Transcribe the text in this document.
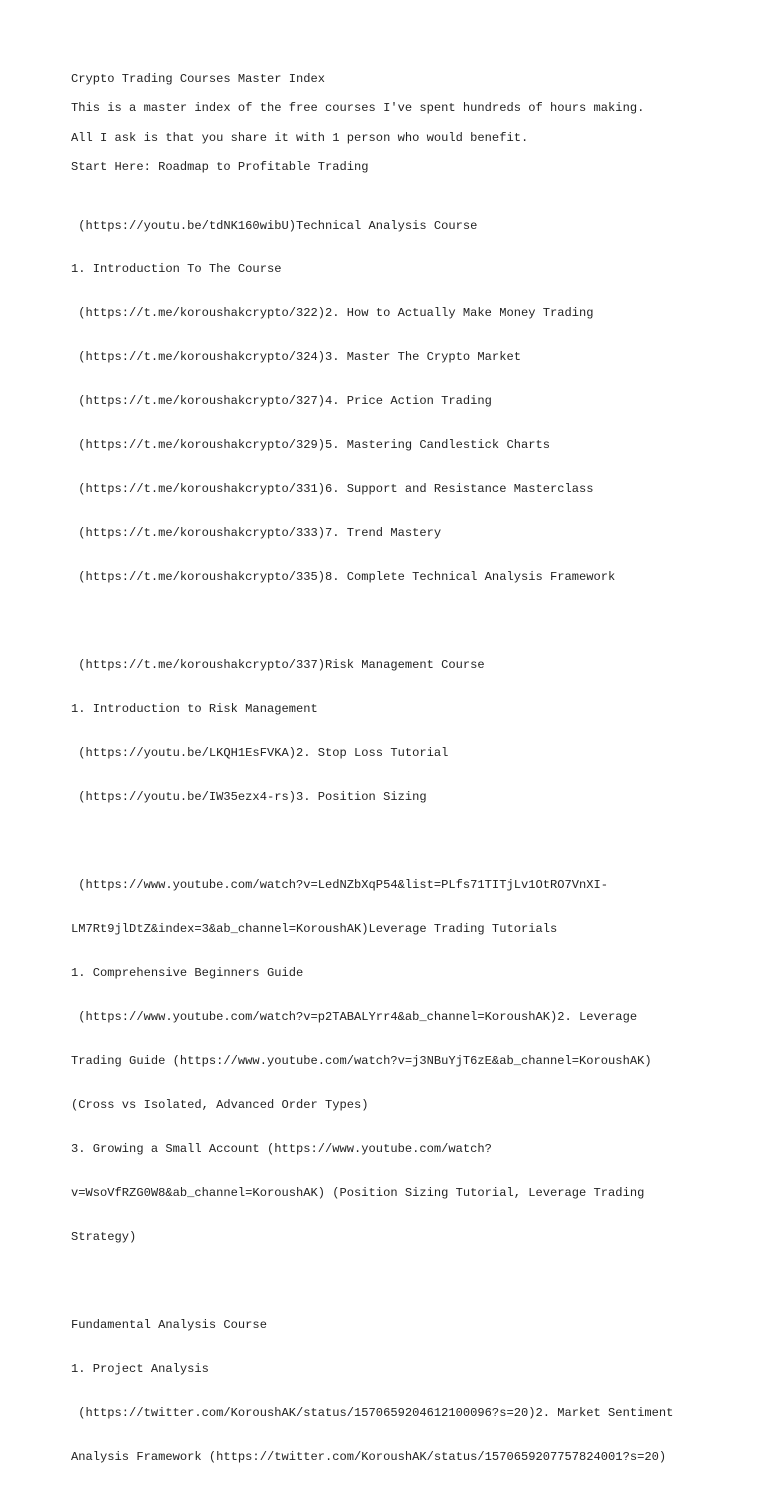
Crypto Trading Courses Master Index

This is a master index of the free courses I've spent hundreds of hours making.

All I ask is that you share it with 1 person who would benefit.

Start Here: Roadmap to Profitable Trading

(https://youtu.be/tdNK160wibU)Technical Analysis Course

1. Introduction To The Course

(https://t.me/koroushakcrypto/322)2. How to Actually Make Money Trading

(https://t.me/koroushakcrypto/324)3. Master The Crypto Market

(https://t.me/koroushakcrypto/327)4. Price Action Trading

(https://t.me/koroushakcrypto/329)5. Mastering Candlestick Charts

(https://t.me/koroushakcrypto/331)6. Support and Resistance Masterclass

(https://t.me/koroushakcrypto/333)7. Trend Mastery

(https://t.me/koroushakcrypto/335)8. Complete Technical Analysis Framework

(https://t.me/koroushakcrypto/337)Risk Management Course

1. Introduction to Risk Management

(https://youtu.be/LKQH1EsFVKA)2. Stop Loss Tutorial

(https://youtu.be/IW35ezx4-rs)3. Position Sizing

(https://www.youtube.com/watch?v=LedNZbXqP54&list=PLfs71TITjLv1OtRO7VnXI-

LM7Rt9jlDtZ&index=3&ab_channel=KoroushAK)Leverage Trading Tutorials

1. Comprehensive Beginners Guide

(https://www.youtube.com/watch?v=p2TABALYrr4&ab_channel=KoroushAK)2. Leverage

Trading Guide (https://www.youtube.com/watch?v=j3NBuYjT6zE&ab_channel=KoroushAK)

(Cross vs Isolated, Advanced Order Types)

3. Growing a Small Account (https://www.youtube.com/watch?

v=WsoVfRZG0W8&ab_channel=KoroushAK) (Position Sizing Tutorial, Leverage Trading

Strategy)

Fundamental Analysis Course

1. Project Analysis

(https://twitter.com/KoroushAK/status/1570659204612100096?s=20)2. Market Sentiment

Analysis Framework (https://twitter.com/KoroushAK/status/1570659207757824001?s=20)
